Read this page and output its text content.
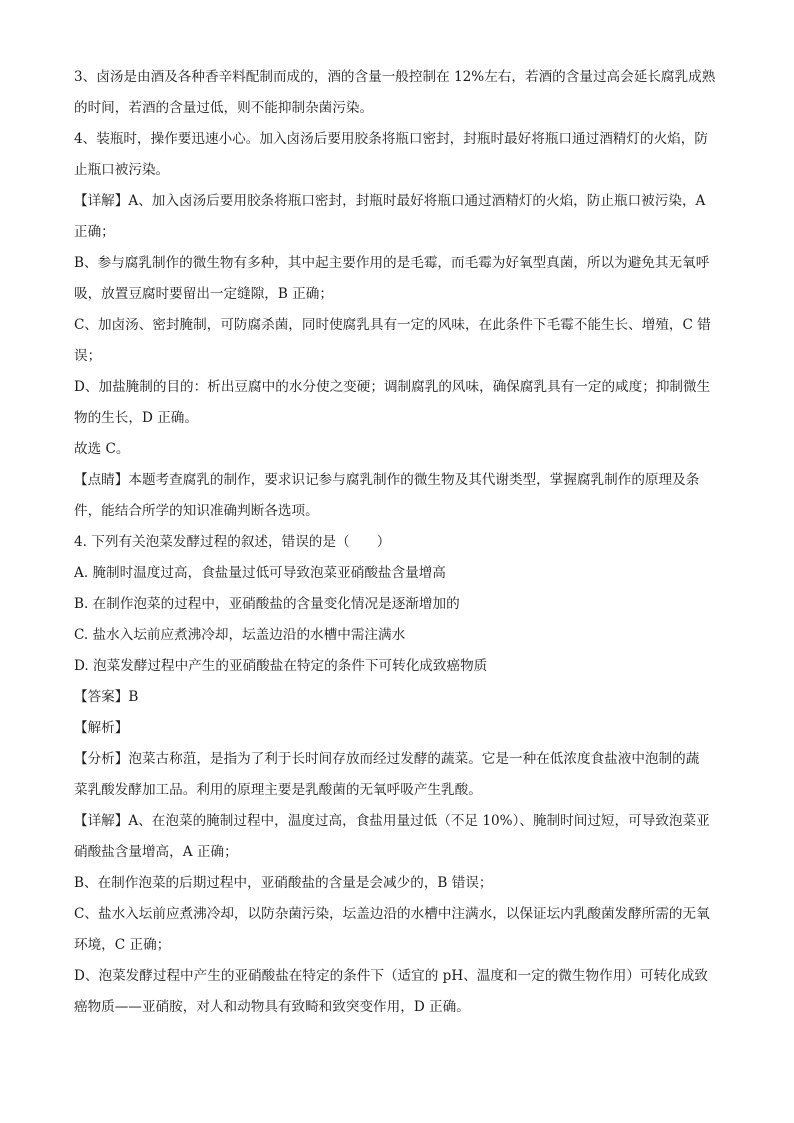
3、卤汤是由酒及各种香辛料配制而成的，酒的含量一般控制在 12%左右，若酒的含量过高会延长腐乳成熟
的时间，若酒的含量过低，则不能抑制杂菌污染。
4、装瓶时，操作要迅速小心。加入卤汤后要用胶条将瓶口密封，封瓶时最好将瓶口通过酒精灯的火焰，防
止瓶口被污染。
【详解】A、加入卤汤后要用胶条将瓶口密封，封瓶时最好将瓶口通过酒精灯的火焰，防止瓶口被污染，A
正确；
B、参与腐乳制作的微生物有多种，其中起主要作用的是毛霉，而毛霉为好氧型真菌，所以为避免其无氧呼
吸，放置豆腐时要留出一定缝隙，B 正确；
C、加卤汤、密封腌制，可防腐杀菌，同时使腐乳具有一定的风味，在此条件下毛霉不能生长、增殖，C 错
误；
D、加盐腌制的目的：析出豆腐中的水分使之变硬；调制腐乳的风味，确保腐乳具有一定的咸度；抑制微生
物的生长，D 正确。
故选 C。
【点睛】本题考查腐乳的制作，要求识记参与腐乳制作的微生物及其代谢类型，掌握腐乳制作的原理及条
件，能结合所学的知识准确判断各选项。
4. 下列有关泡菜发酵过程的叙述，错误的是（　　）
A. 腌制时温度过高，食盐量过低可导致泡菜亚硝酸盐含量增高
B. 在制作泡菜的过程中，亚硝酸盐的含量变化情况是逐渐增加的
C. 盐水入坛前应煮沸冷却，坛盖边沿的水槽中需注满水
D. 泡菜发酵过程中产生的亚硝酸盐在特定的条件下可转化成致癌物质
【答案】B
【解析】
【分析】泡菜古称菹，是指为了利于长时间存放而经过发酵的蔬菜。它是一种在低浓度食盐液中泡制的蔬
菜乳酸发酵加工品。利用的原理主要是乳酸菌的无氧呼吸产生乳酸。
【详解】A、在泡菜的腌制过程中，温度过高，食盐用量过低（不足 10%）、腌制时间过短，可导致泡菜亚
硝酸盐含量增高，A 正确；
B、在制作泡菜的后期过程中，亚硝酸盐的含量是会减少的，B 错误；
C、盐水入坛前应煮沸冷却，以防杂菌污染，坛盖边沿的水槽中注满水，以保证坛内乳酸菌发酵所需的无氧
环境，C 正确；
D、泡菜发酵过程中产生的亚硝酸盐在特定的条件下（适宜的 pH、温度和一定的微生物作用）可转化成致
癌物质——亚硝胺，对人和动物具有致畸和致突变作用，D 正确。
